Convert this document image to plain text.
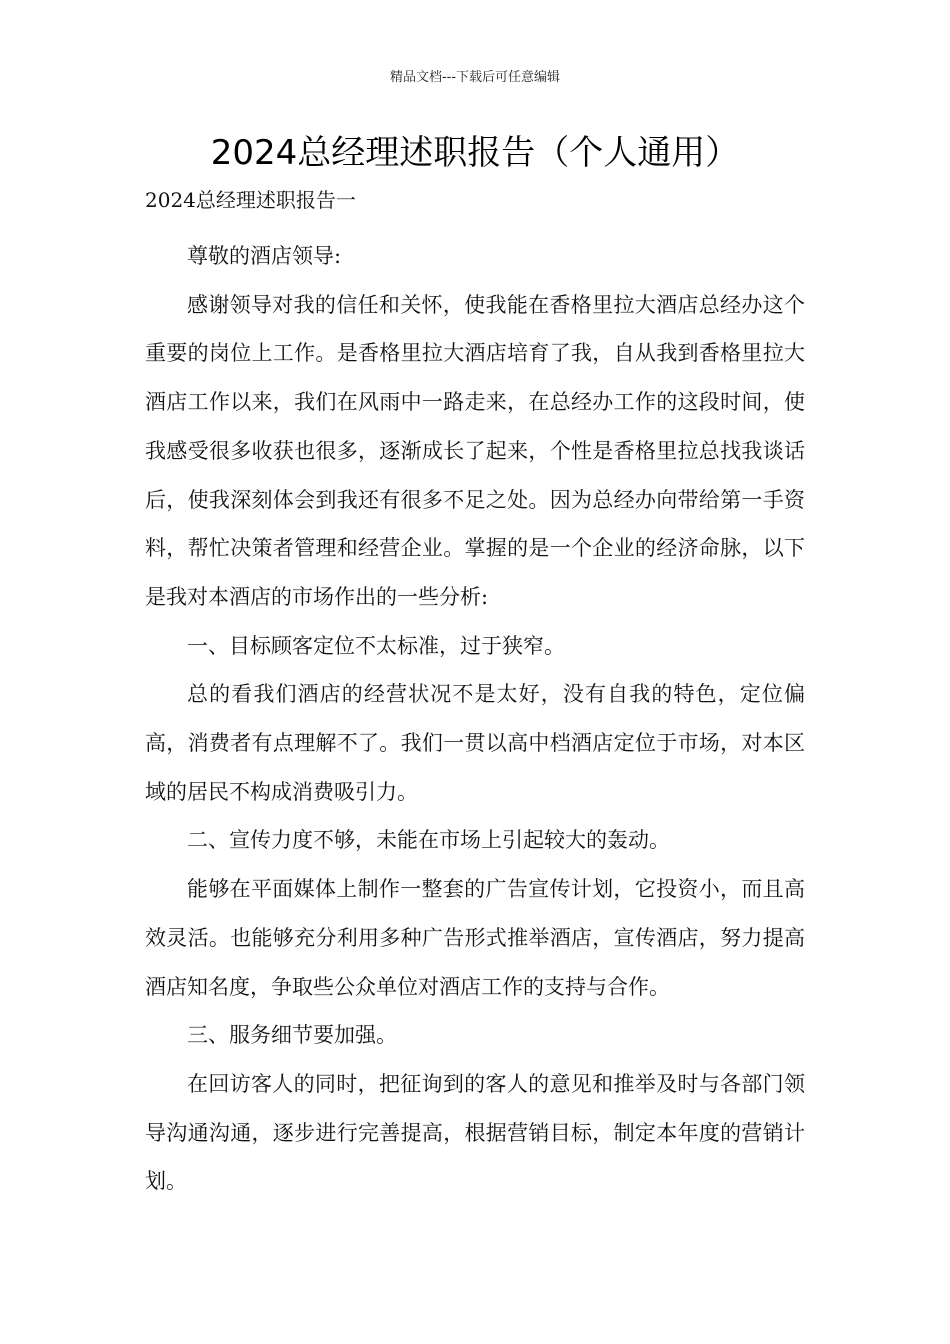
精品文档---下载后可任意编辑
2024总经理述职报告（个人通用）

2024总经理述职报告一

尊敬的酒店领导:

感谢领导对我的信任和关怀，使我能在香格里拉大酒店总经办这个重要的岗位上工作。是香格里拉大酒店培育了我，自从我到香格里拉大酒店工作以来，我们在风雨中一路走来，在总经办工作的这段时间，使我感受很多收获也很多，逐渐成长了起来，个性是香格里拉总找我谈话后，使我深刻体会到我还有很多不足之处。因为总经办向带给第一手资料，帮忙决策者管理和经营企业。掌握的是一个企业的经济命脉，以下是我对本酒店的市场作出的一些分析:

一、目标顾客定位不太标准，过于狭窄。

总的看我们酒店的经营状况不是太好，没有自我的特色，定位偏高，消费者有点理解不了。我们一贯以高中档酒店定位于市场，对本区域的居民不构成消费吸引力。

二、宣传力度不够，未能在市场上引起较大的轰动。

能够在平面媒体上制作一整套的广告宣传计划，它投资小，而且高效灵活。也能够充分利用多种广告形式推举酒店，宣传酒店，努力提高酒店知名度，争取些公众单位对酒店工作的支持与合作。

三、服务细节要加强。

在回访客人的同时，把征询到的客人的意见和推举及时与各部门领导沟通沟通，逐步进行完善提高，根据营销目标，制定本年度的营销计划。
